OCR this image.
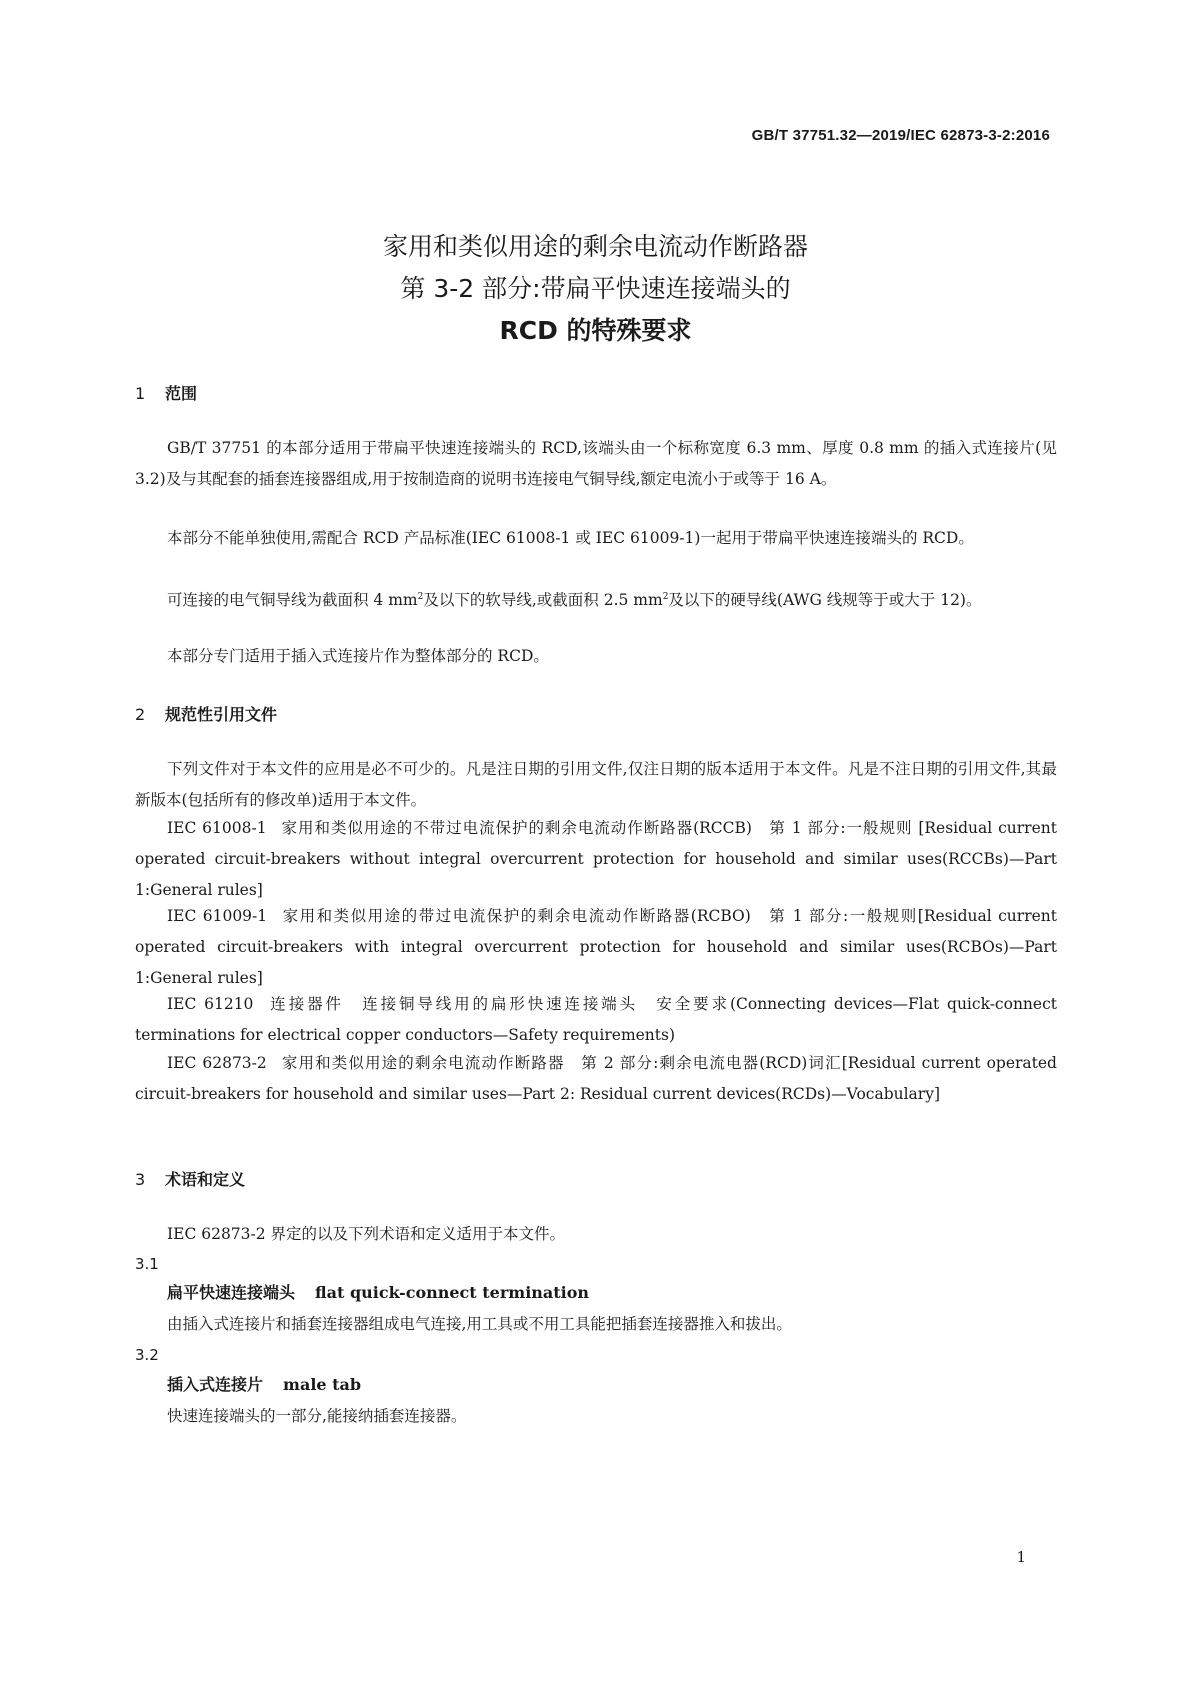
GB/T 37751.32—2019/IEC 62873-3-2:2016
家用和类似用途的剩余电流动作断路器
第 3-2 部分:带扁平快速连接端头的
RCD 的特殊要求
1 范围
GB/T 37751 的本部分适用于带扁平快速连接端头的 RCD,该端头由一个标称宽度 6.3 mm、厚度 0.8 mm 的插入式连接片(见 3.2)及与其配套的插套连接器组成,用于按制造商的说明书连接电气铜导线,额定电流小于或等于 16 A。
本部分不能单独使用,需配合 RCD 产品标准(IEC 61008-1 或 IEC 61009-1)一起用于带扁平快速连接端头的 RCD。
可连接的电气铜导线为截面积 4 $mm^2$及以下的软导线,或截面积 2.5 $mm^2$及以下的硬导线(AWG 线规等于或大于 12)。
本部分专门适用于插入式连接片作为整体部分的 RCD。
2 规范性引用文件
下列文件对于本文件的应用是必不可少的。凡是注日期的引用文件,仅注日期的版本适用于本文件。凡是不注日期的引用文件,其最新版本(包括所有的修改单)适用于本文件。
IEC 61008-1 家用和类似用途的不带过电流保护的剩余电流动作断路器(RCCB)　第 1 部分:一般规则 [Residual current operated circuit-breakers without integral overcurrent protection for household and similar uses(RCCBs)—Part 1:General rules]
IEC 61009-1 家用和类似用途的带过电流保护的剩余电流动作断路器(RCBO)　第 1 部分:一般规则[Residual current operated circuit-breakers with integral overcurrent protection for household and similar uses(RCBOs)—Part 1:General rules]
IEC 61210 连接器件　连接铜导线用的扁形快速连接端头　安全要求(Connecting devices—Flat quick-connect terminations for electrical copper conductors—Safety requirements)
IEC 62873-2 家用和类似用途的剩余电流动作断路器　第 2 部分:剩余电流电器(RCD)词汇[Residual current operated circuit-breakers for household and similar uses—Part 2: Residual current devices(RCDs)—Vocabulary]
3 术语和定义
IEC 62873-2 界定的以及下列术语和定义适用于本文件。
3.1
扁平快速连接端头 flat quick-connect termination
由插入式连接片和插套连接器组成电气连接,用工具或不用工具能把插套连接器推入和拔出。
3.2
插入式连接片 male tab
快速连接端头的一部分,能接纳插套连接器。
1
